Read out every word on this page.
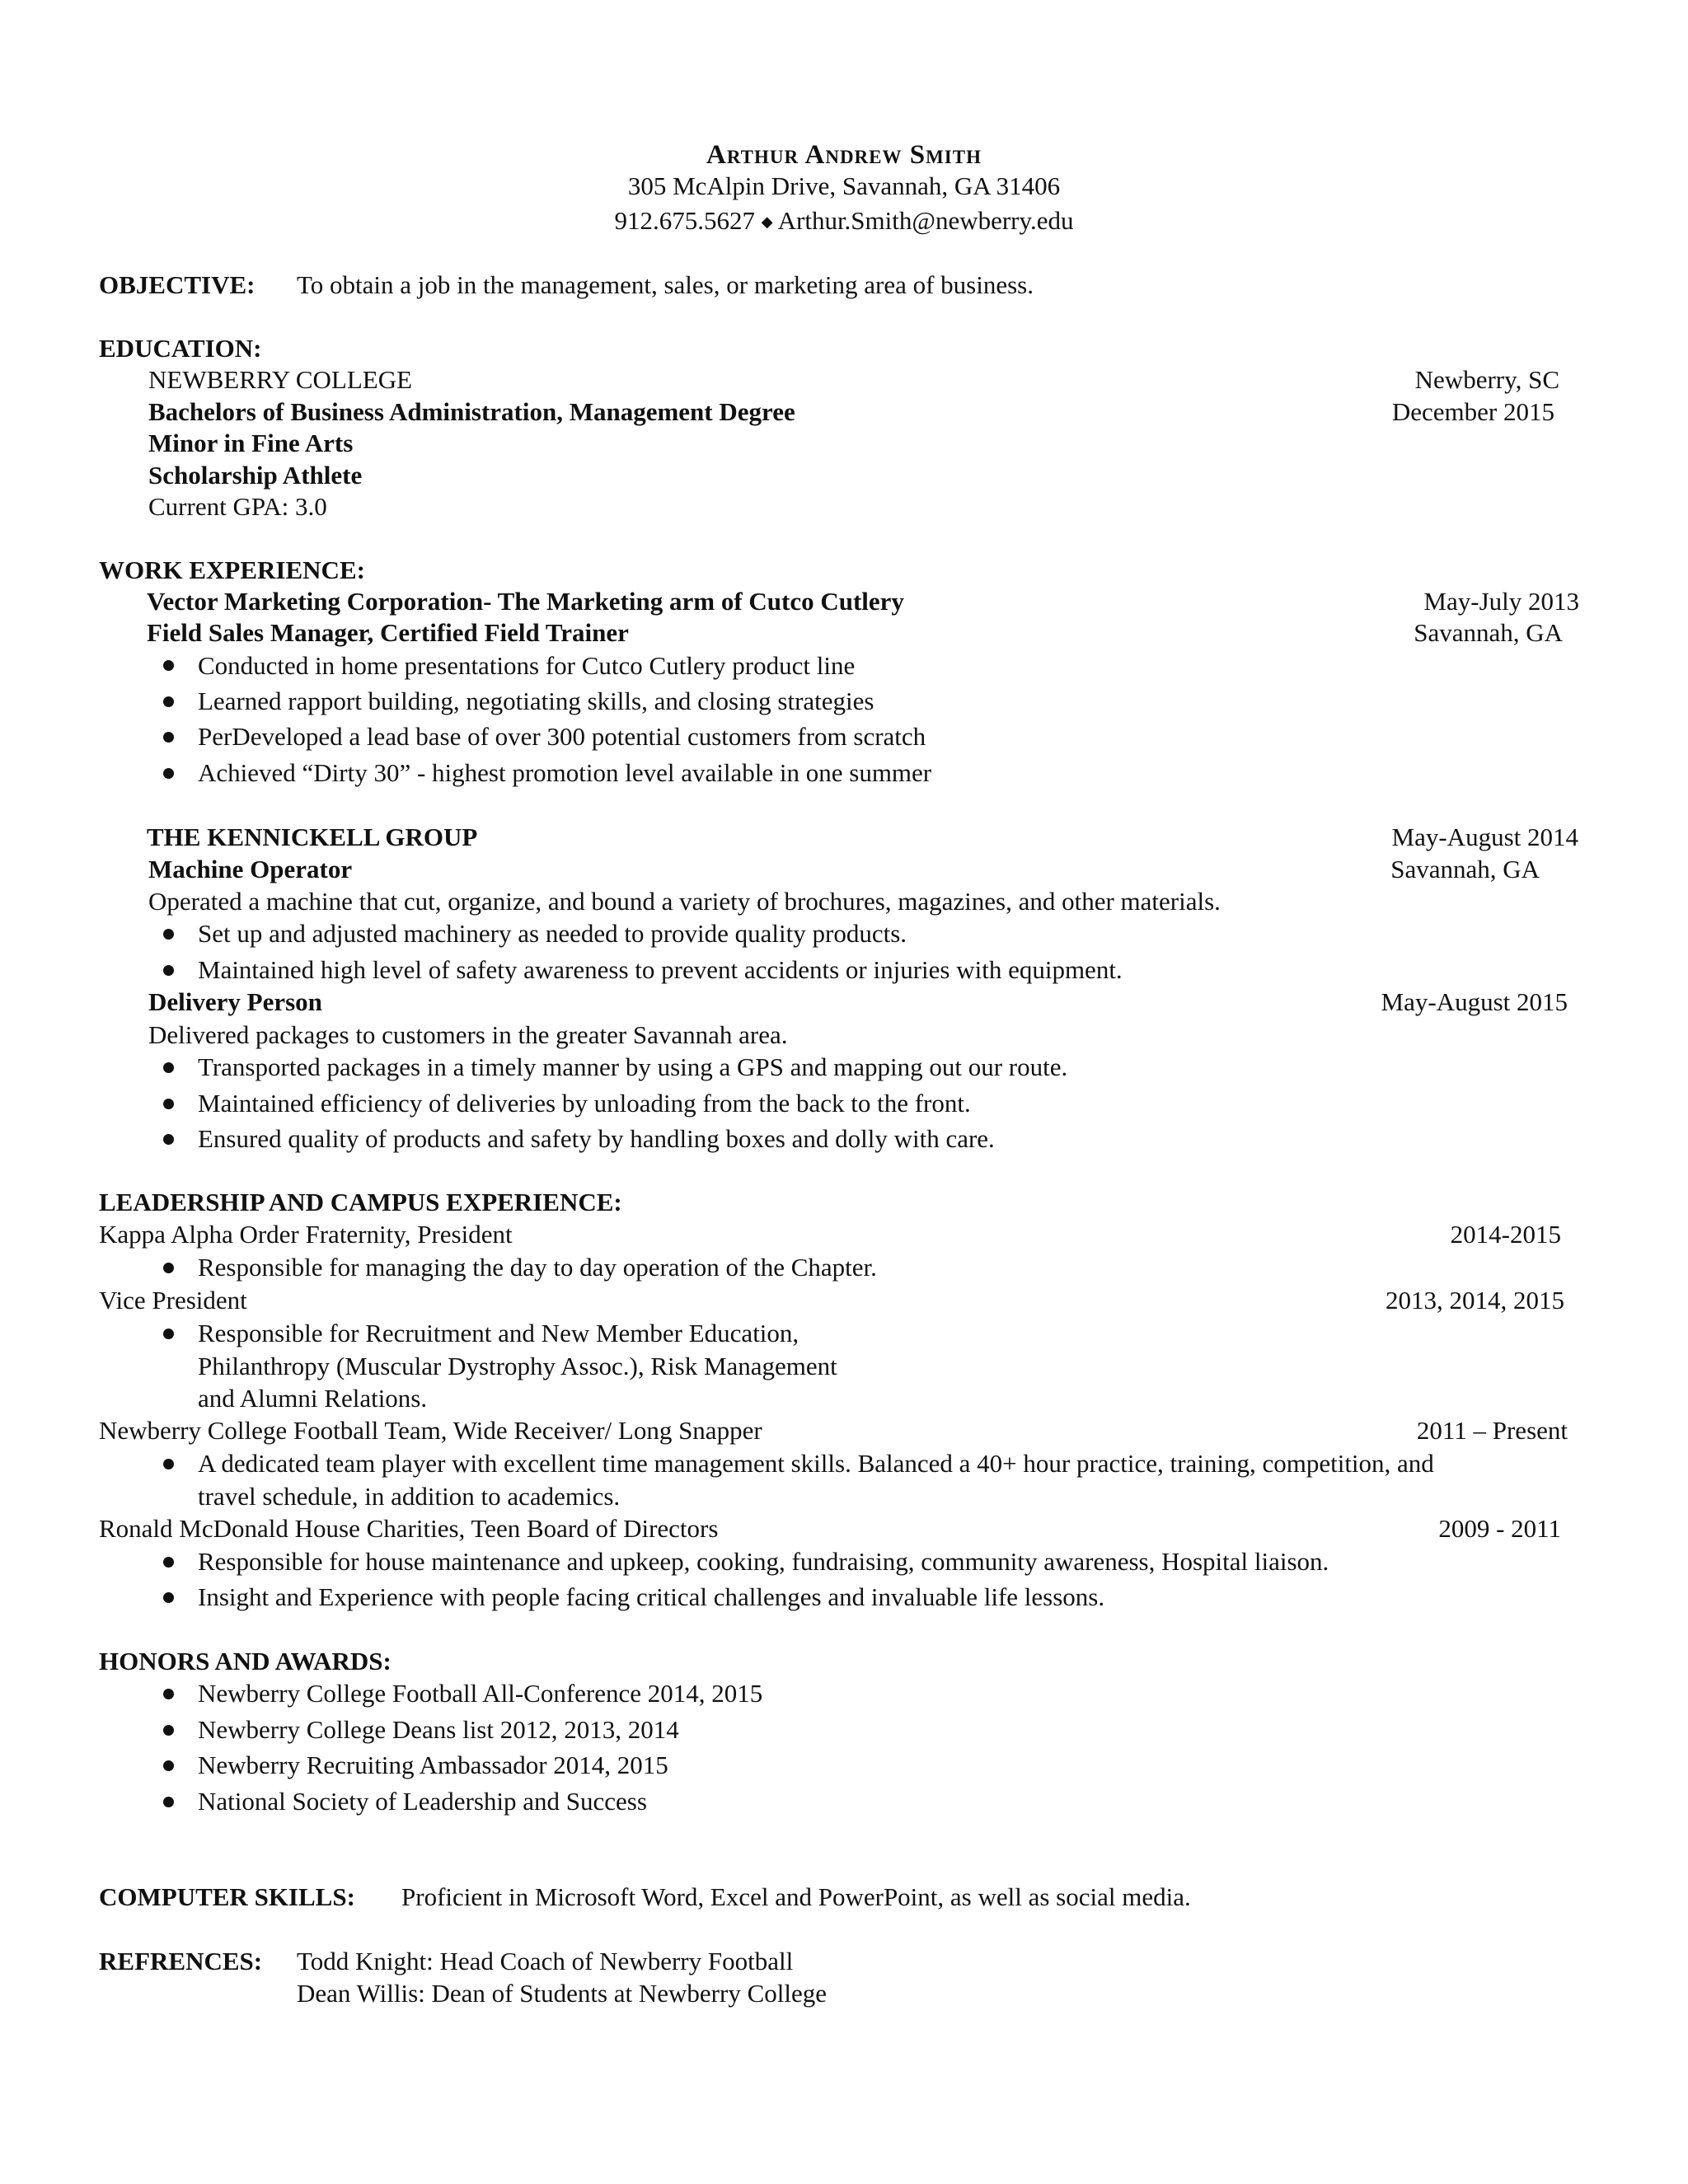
Arthur Andrew Smith
305 McAlpin Drive, Savannah, GA 31406
912.675.5627 ◆ Arthur.Smith@newberry.edu
OBJECTIVE: To obtain a job in the management, sales, or marketing area of business.
EDUCATION:
NEWBERRY COLLEGE	Newberry, SC
Bachelors of Business Administration, Management Degree	December 2015
Minor in Fine Arts
Scholarship Athlete
Current GPA: 3.0
WORK EXPERIENCE:
Vector Marketing Corporation- The Marketing arm of Cutco Cutlery	May-July 2013
Field Sales Manager, Certified Field Trainer	Savannah, GA
Conducted in home presentations for Cutco Cutlery product line
Learned rapport building, negotiating skills, and closing strategies
PerDeveloped a lead base of over 300 potential customers from scratch
Achieved “Dirty 30” - highest promotion level available in one summer
THE KENNICKELL GROUP	May-August 2014
Machine Operator	Savannah, GA
Operated a machine that cut, organize, and bound a variety of brochures, magazines, and other materials.
Set up and adjusted machinery as needed to provide quality products.
Maintained high level of safety awareness to prevent accidents or injuries with equipment.
Delivery Person	May-August 2015
Delivered packages to customers in the greater Savannah area.
Transported packages in a timely manner by using a GPS and mapping out our route.
Maintained efficiency of deliveries by unloading from the back to the front.
Ensured quality of products and safety by handling boxes and dolly with care.
LEADERSHIP AND CAMPUS EXPERIENCE:
Kappa Alpha Order Fraternity, President	2014-2015
Responsible for managing the day to day operation of the Chapter.
Vice President	2013, 2014, 2015
Responsible for Recruitment and New Member Education,
Philanthropy (Muscular Dystrophy Assoc.), Risk Management
and Alumni Relations.
Newberry College Football Team, Wide Receiver/ Long Snapper	2011 – Present
A dedicated team player with excellent time management skills. Balanced a 40+ hour practice, training, competition, and
travel schedule, in addition to academics.
Ronald McDonald House Charities, Teen Board of Directors	2009 - 2011
Responsible for house maintenance and upkeep, cooking, fundraising, community awareness, Hospital liaison.
Insight and Experience with people facing critical challenges and invaluable life lessons.
HONORS AND AWARDS:
Newberry College Football All-Conference 2014, 2015
Newberry College Deans list 2012, 2013, 2014
Newberry Recruiting Ambassador 2014, 2015
National Society of Leadership and Success
COMPUTER SKILLS: Proficient in Microsoft Word, Excel and PowerPoint, as well as social media.
REFRENCES: Todd Knight: Head Coach of Newberry Football
Dean Willis: Dean of Students at Newberry College
